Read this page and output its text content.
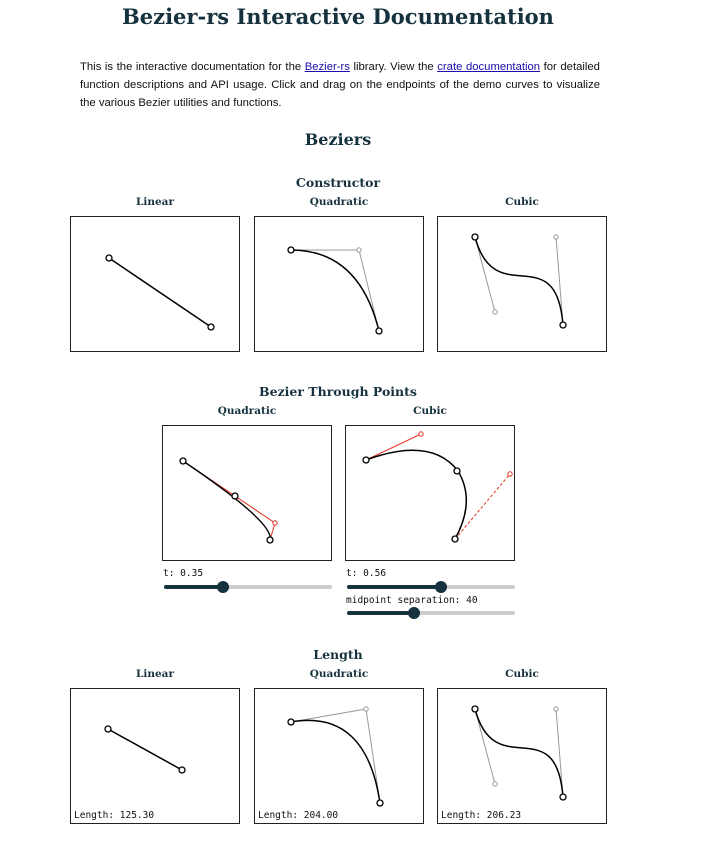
Bezier-rs Interactive Documentation

This is the interactive documentation for the Bezier-rs library. View the crate documentation for detailed function descriptions and API usage. Click and drag on the endpoints of the demo curves to visualize the various Bezier utilities and functions.

Beziers
Constructor
Linear	Quadratic	Cubic
Bezier Through Points
Quadratic	Cubic
t: 0.35	t: 0.56
midpoint separation: 40
Length
Linear	Quadratic	Cubic
Length: 125.30	Length: 204.00	Length: 206.23
